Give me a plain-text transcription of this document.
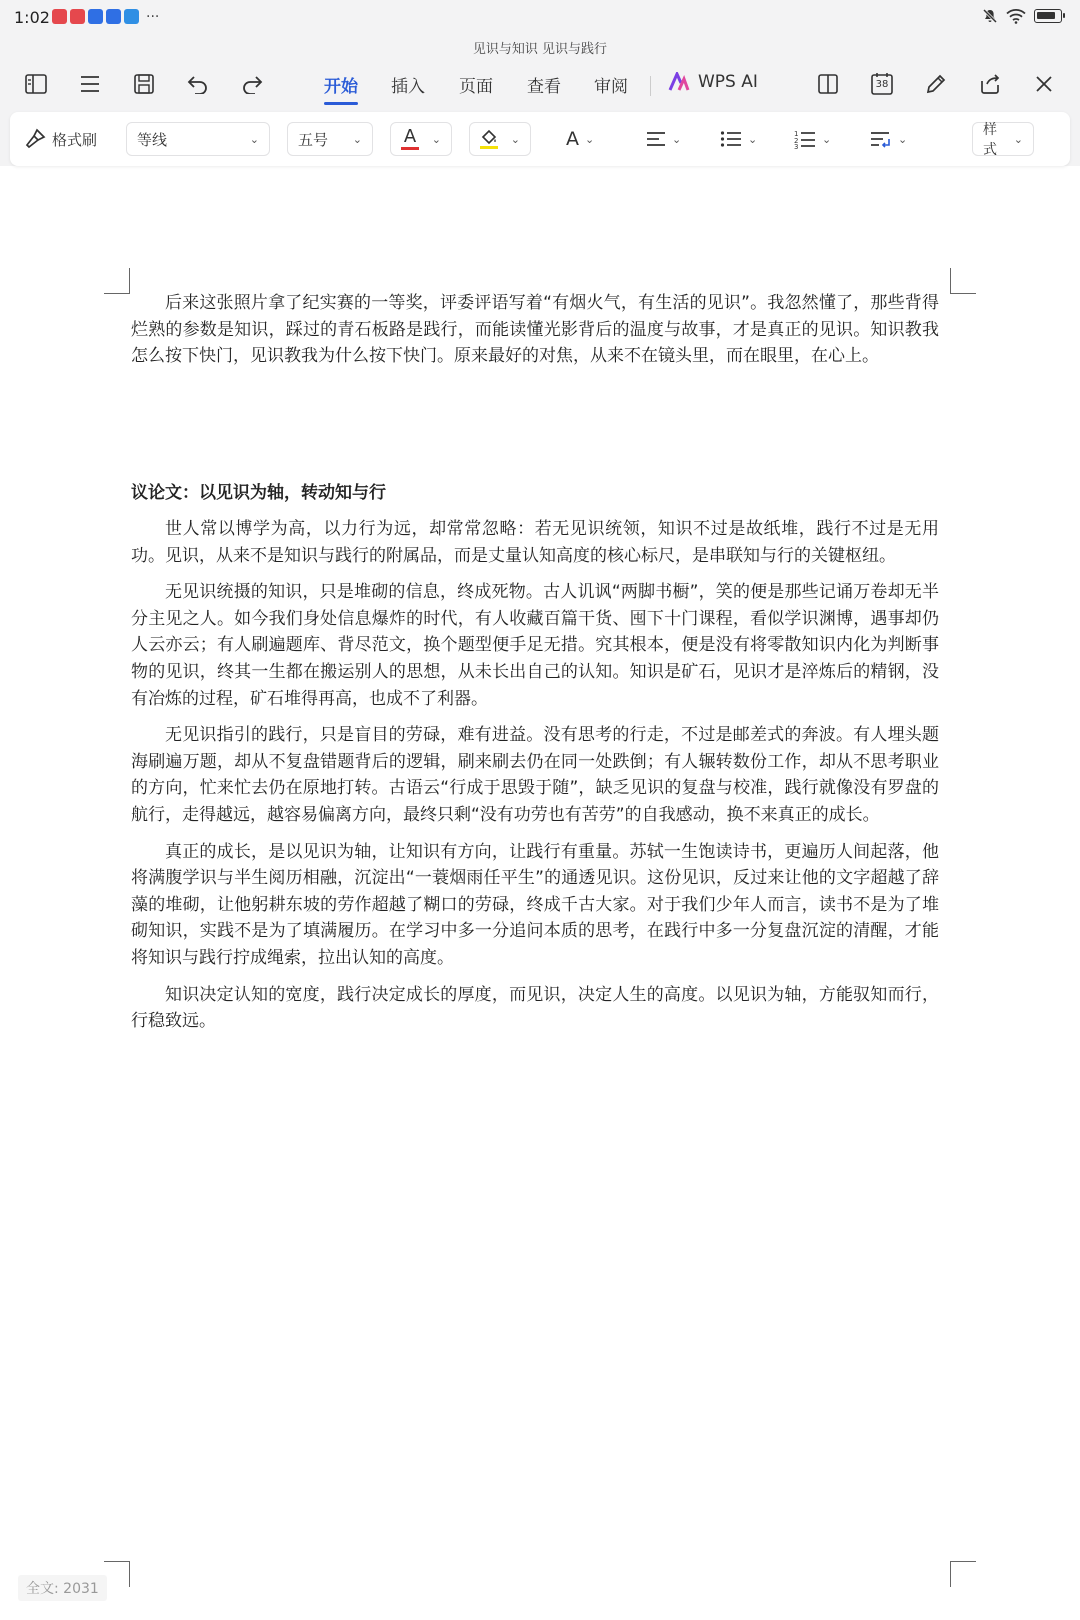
1:02	···
见识与知识 见识与践行
开始 插入 页面 查看 审阅	WPS AI	38
格式刷	等线	⌄	五号 ⌄ A ⌄	⌄ A ⌄	⌄	⌄	1
2
3
⌄	⌄
样式
⌄

后来这张照片拿了纪实赛的一等奖，评委评语写着“有烟火气，有生活的见识”。我忽然懂了，那些背得烂熟的参数是知识，踩过的青石板路是践行，而能读懂光影背后的温度与故事，才是真正的见识。知识教我怎么按下快门，见识教我为什么按下快门。原来最好的对焦，从来不在镜头里，而在眼里，在心上。

议论文：以见识为轴，转动知与行

世人常以博学为高，以力行为远，却常常忽略：若无见识统领，知识不过是故纸堆，践行不过是无用功。见识，从来不是知识与践行的附属品，而是丈量认知高度的核心标尺，是串联知与行的关键枢纽。

无见识统摄的知识，只是堆砌的信息，终成死物。古人讥讽“两脚书橱”，笑的便是那些记诵万卷却无半分主见之人。如今我们身处信息爆炸的时代，有人收藏百篇干货、囤下十门课程，看似学识渊博，遇事却仍人云亦云；有人刷遍题库、背尽范文，换个题型便手足无措。究其根本，便是没有将零散知识内化为判断事物的见识，终其一生都在搬运别人的思想，从未长出自己的认知。知识是矿石，见识才是淬炼后的精钢，没有冶炼的过程，矿石堆得再高，也成不了利器。

无见识指引的践行，只是盲目的劳碌，难有进益。没有思考的行走，不过是邮差式的奔波。有人埋头题海刷遍万题，却从不复盘错题背后的逻辑，刷来刷去仍在同一处跌倒；有人辗转数份工作，却从不思考职业的方向，忙来忙去仍在原地打转。古语云“行成于思毁于随”，缺乏见识的复盘与校准，践行就像没有罗盘的航行，走得越远，越容易偏离方向，最终只剩“没有功劳也有苦劳”的自我感动，换不来真正的成长。

真正的成长，是以见识为轴，让知识有方向，让践行有重量。苏轼一生饱读诗书，更遍历人间起落，他将满腹学识与半生阅历相融，沉淀出“一蓑烟雨任平生”的通透见识。这份见识，反过来让他的文字超越了辞藻的堆砌，让他躬耕东坡的劳作超越了糊口的劳碌，终成千古大家。对于我们少年人而言，读书不是为了堆砌知识，实践不是为了填满履历。在学习中多一分追问本质的思考，在践行中多一分复盘沉淀的清醒，才能将知识与践行拧成绳索，拉出认知的高度。

知识决定认知的宽度，践行决定成长的厚度，而见识，决定人生的高度。以见识为轴，方能驭知而行，行稳致远。

全文: 2031
